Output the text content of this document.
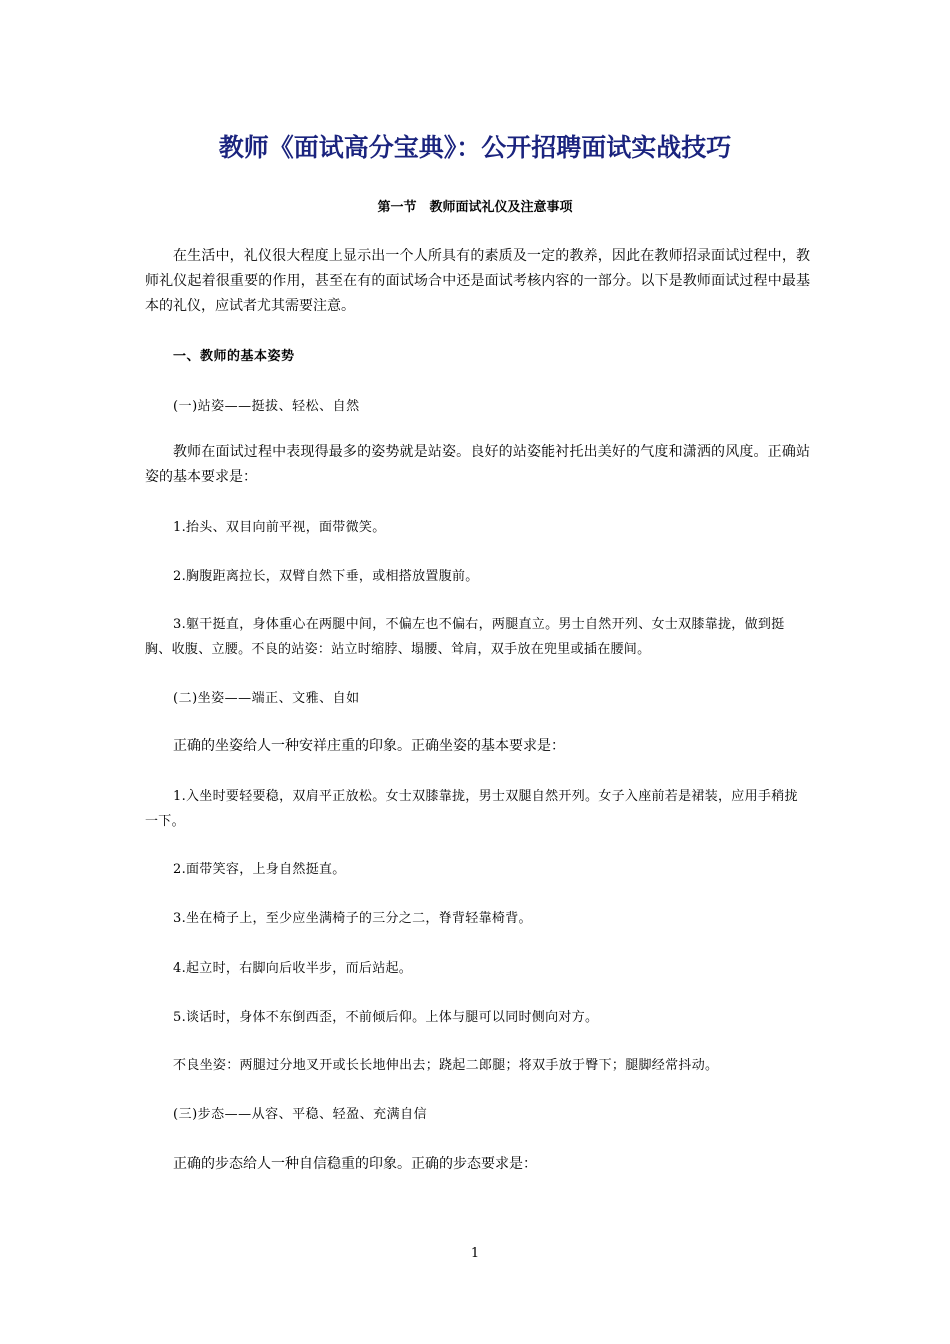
教师《面试高分宝典》：公开招聘面试实战技巧
第一节　教师面试礼仪及注意事项

在生活中，礼仪很大程度上显示出一个人所具有的素质及一定的教养，因此在教师招录面试过程中，教师礼仪起着很重要的作用，甚至在有的面试场合中还是面试考核内容的一部分。以下是教师面试过程中最基本的礼仪，应试者尤其需要注意。

一、教师的基本姿势
(一)站姿——挺拔、轻松、自然

教师在面试过程中表现得最多的姿势就是站姿。良好的站姿能衬托出美好的气度和潇洒的风度。正确站姿的基本要求是：

1.抬头、双目向前平视，面带微笑。

2.胸腹距离拉长，双臂自然下垂，或相搭放置腹前。

3.躯干挺直，身体重心在两腿中间，不偏左也不偏右，两腿直立。男士自然开列、女士双膝靠拢，做到挺胸、收腹、立腰。不良的站姿：站立时缩脖、塌腰、耸肩，双手放在兜里或插在腰间。

(二)坐姿——端正、文雅、自如

正确的坐姿给人一种安祥庄重的印象。正确坐姿的基本要求是：

1.入坐时要轻要稳，双肩平正放松。女士双膝靠拢，男士双腿自然开列。女子入座前若是裙装，应用手稍拢一下。

2.面带笑容，上身自然挺直。

3.坐在椅子上，至少应坐满椅子的三分之二，脊背轻靠椅背。

4.起立时，右脚向后收半步，而后站起。

5.谈话时，身体不东倒西歪，不前倾后仰。上体与腿可以同时侧向对方。

不良坐姿：两腿过分地叉开或长长地伸出去；跷起二郎腿；将双手放于臀下；腿脚经常抖动。

(三)步态——从容、平稳、轻盈、充满自信

正确的步态给人一种自信稳重的印象。正确的步态要求是：

1
